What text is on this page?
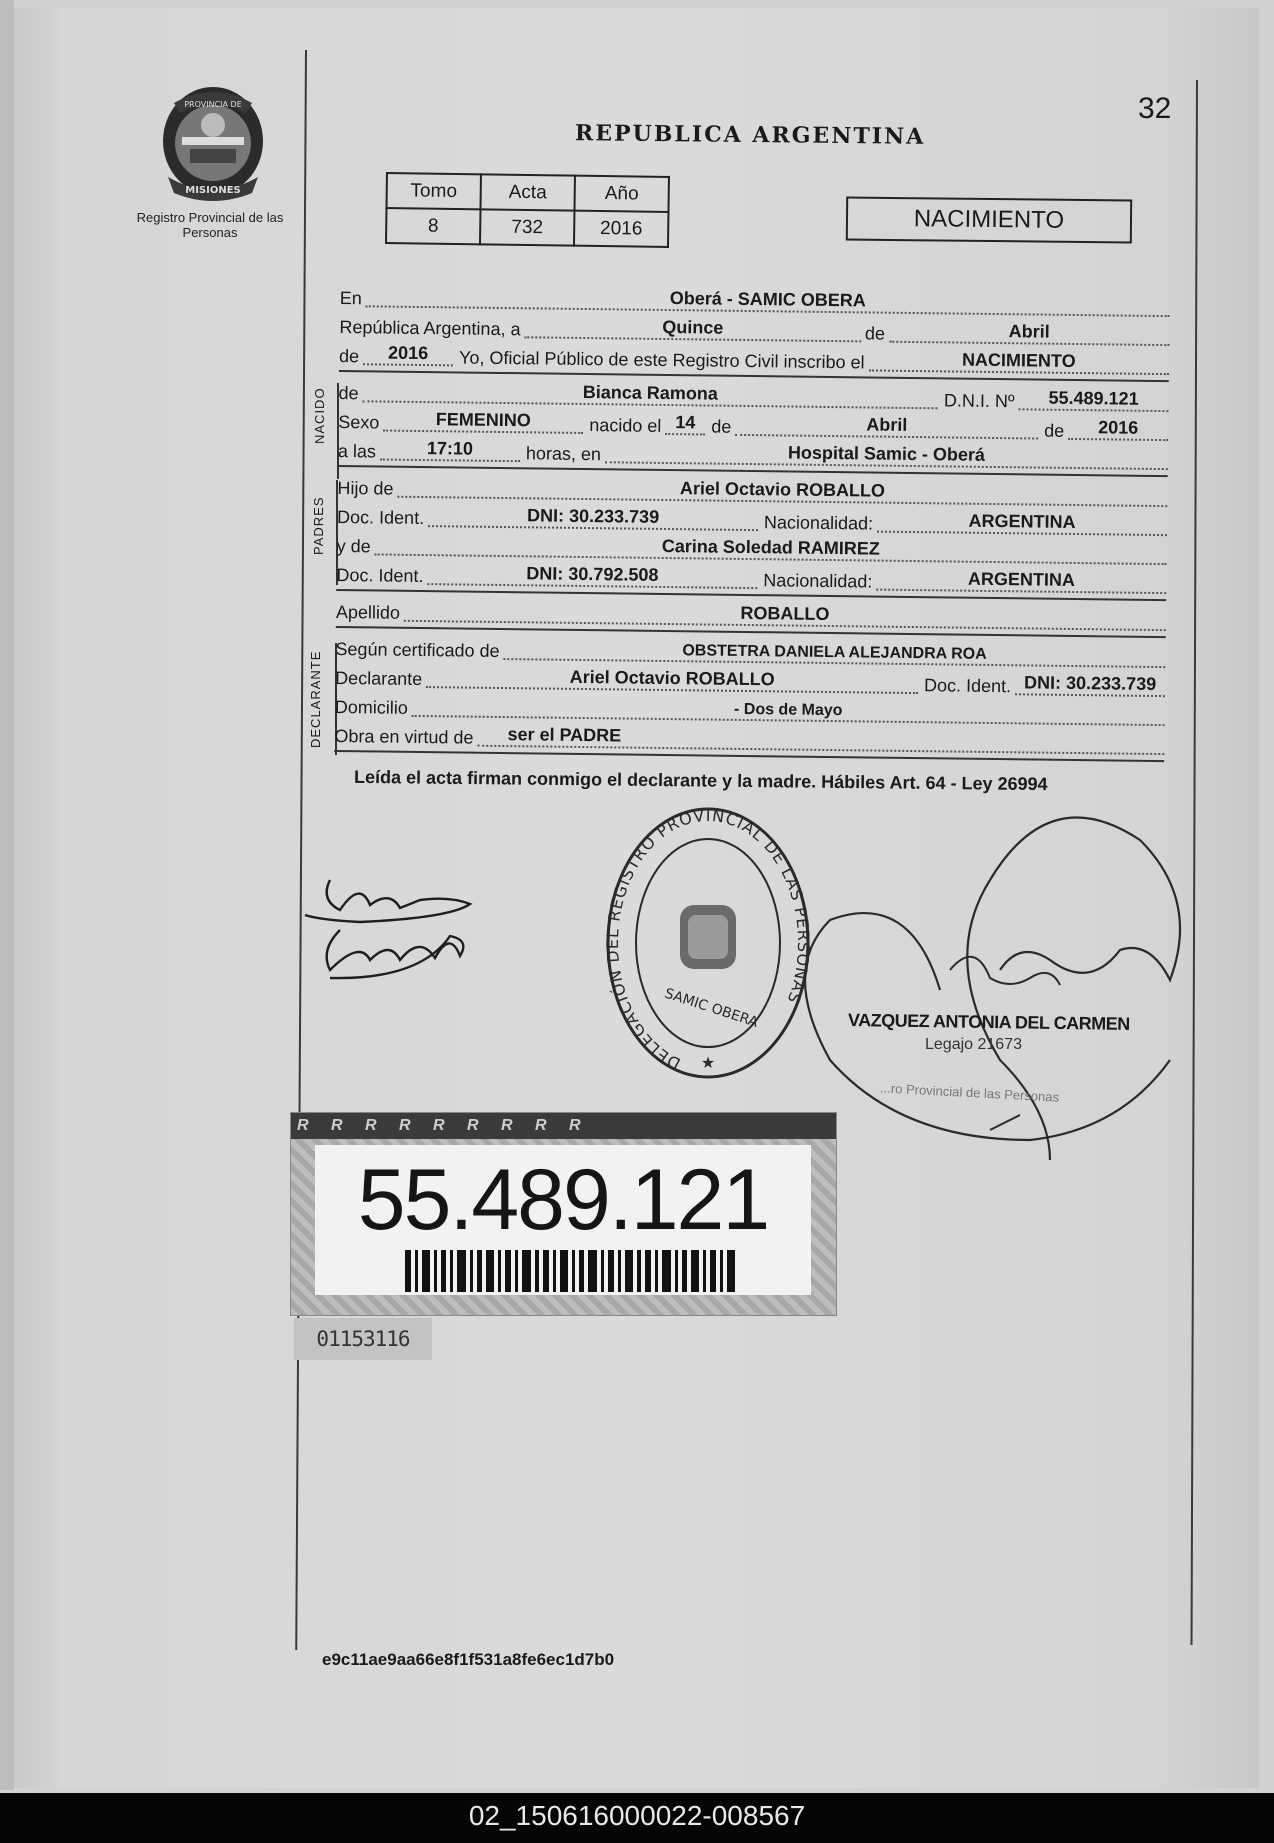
PROVINCIA DE
MISIONES
Registro Provincial de las Personas
32
REPUBLICA ARGENTINA
Tomo	Acta	Año
8	732	2016	NACIMIENTO
NACIDO
PADRES
DECLARANTE
En	Oberá - SAMIC OBERA
República Argentina, a	Quince	de	Abril
de	2016	Yo, Oficial Público de este Registro Civil inscribo el	NACIMIENTO
de	Bianca Ramona	D.N.I. Nº	55.489.121
Sexo	FEMENINO	nacido el 14 de	Abril	de	2016
a las	17:10	horas, en	Hospital Samic - Oberá
Hijo de	Ariel Octavio ROBALLO
Doc. Ident.	DNI: 30.233.739	Nacionalidad:	ARGENTINA
y de	Carina Soledad RAMIREZ
Doc. Ident.	DNI: 30.792.508	Nacionalidad:	ARGENTINA
Apellido	ROBALLO
Según certificado de	OBSTETRA DANIELA ALEJANDRA ROA
Declarante	Ariel Octavio ROBALLO	Doc. Ident. DNI: 30.233.739
Domicilio	- Dos de Mayo
Obra en virtud de	ser el PADRE
Leída el acta firman conmigo el declarante y la madre. Hábiles Art. 64 - Ley 26994
DELEGACIÓN DEL REGISTRO PROVINCIAL DE LAS PERSONAS
SAMIC OBERA
★
VAZQUEZ ANTONIA DEL CARMEN
Legajo 21673
...ro Provincial de las Personas
R R R R R R R R R
55.489.121
01153116
e9c11ae9aa66e8f1f531a8fe6ec1d7b0
02_150616000022-008567
